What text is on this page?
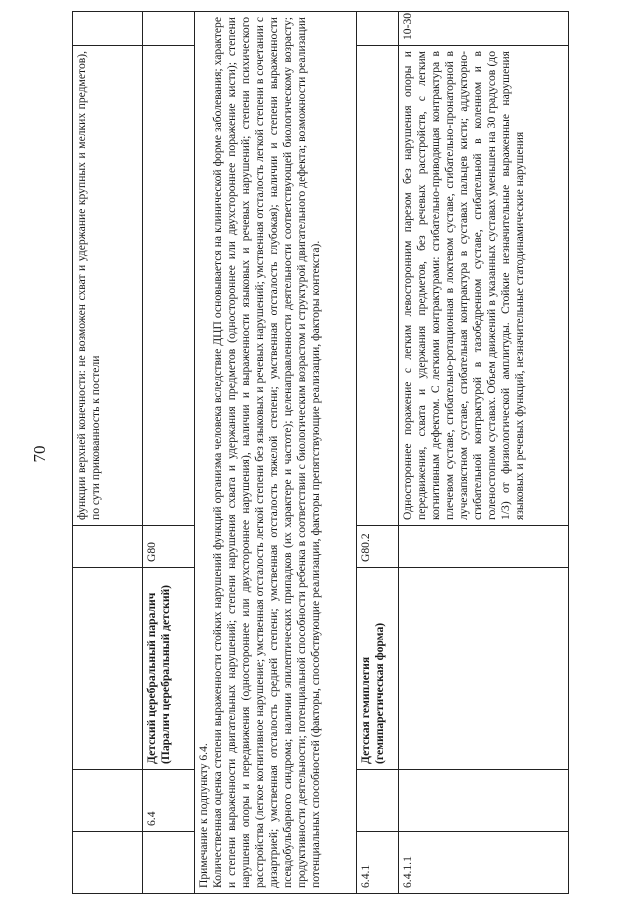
70
				функции верхней конечности: не возможен схват и удержание крупных и мелких предметов), по сути прикованность к постели	
	6.4	Детский церебральный паралич (Паралич церебральный детский)	G80		

Примечание к подпункту 6.4. Количественная оценка степени выраженности стойких нарушений функций организма человека вследствие ДЦП основывается на клинической форме заболевания; характере и степени выраженности двигательных нарушений; степени нарушения схвата и удержания предметов (одностороннее или двухстороннее поражение кисти); степени нарушения опоры и передвижения (одностороннее или двухстороннее нарушения), наличии и выраженности языковых и речевых нарушений; степени психического расстройства (легкое когнитивное нарушение; умственная отсталость легкой степени без языковых и речевых нарушений; умственная отсталость легкой степени в сочетании с дизартрией; умственная отсталость средней степени; умственная отсталость тяжелой степени; умственная отсталость глубокая); наличии и степени выраженности псевдобульбарного синдрома; наличии эпилептических припадков (их характере и частоте); целенаправленности деятельности соответствующей биологическому возрасту; продуктивности деятельности; потенциальной способности ребенка в соответствии с биологическим возрастом и структурой двигательного дефекта; возможности реализации потенциальных способностей (факторы, способствующие реализации, факторы препятствующие реализации, факторы контекста).					
6.4.1		Детская гемиплегия (гемипаретическая форма)	G80.2		
6.4.1.1				Одностороннее поражение с легким левосторонним парезом без нарушения опоры и передвижения, схвата и удержания предметов, без речевых расстройств, с легким когнитивным дефектом. С легкими контрактурами: сгибательно-приводящая контрактура в плечевом суставе, сгибательно-ротационная в локтевом суставе, сгибательно-пронаторной в лучезапястном суставе, сгибательная контрактура в суставах пальцев кисти; аддукторно-сгибательной контрактурой в тазобедренном суставе, сгибательной в коленном и в голеностопном суставах. Объем движений в указанных суставах уменьшен на 30 градусов (до 1/3) от физиологической амплитуды. Стойкие незначительные выраженные нарушения языковых и речевых функций, незначительные статодинамические нарушения	10-30
